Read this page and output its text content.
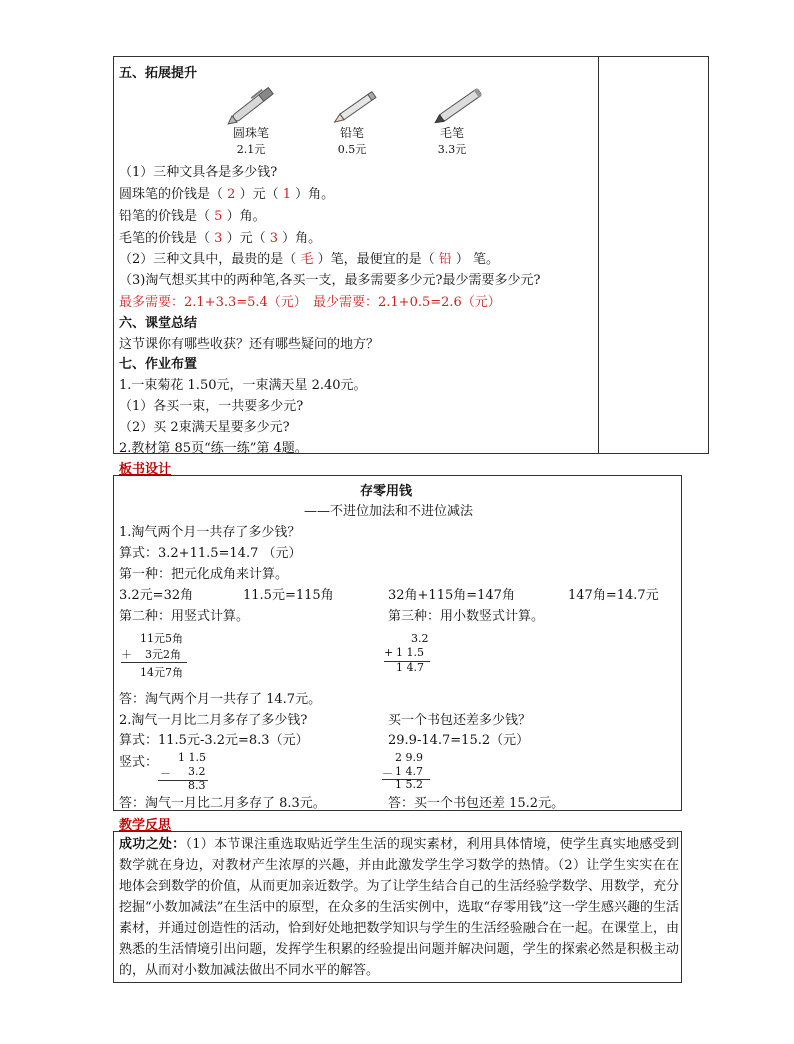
五、拓展提升
圆珠笔
2.1元
铅笔
0.5元
毛笔
3.3元
（1）三种文具各是多少钱?
圆珠笔的价钱是（ 2 ）元（ 1 ）角。
铅笔的价钱是（ 5 ）角。
毛笔的价钱是（ 3 ）元（ 3 ）角。
（2）三种文具中，最贵的是（ 毛 ）笔，最便宜的是（ 铅 ） 笔。
（3)淘气想买其中的两种笔,各买一支，最多需要多少元?最少需要多少元?
最多需要：2.1+3.3=5.4（元） 最少需要：2.1+0.5=2.6（元）
六、课堂总结
这节课你有哪些收获？还有哪些疑问的地方？
七、作业布置
1.一束菊花 1.50元，一束满天星 2.40元。
（1）各买一束，一共要多少元?
（2）买 2束满天星要多少元?
2.教材第 85页“练一练”第 4题。
板书设计
存零用钱
——不进位加法和不进位减法
1.淘气两个月一共存了多少钱？
算式：3.2+11.5=14.7 （元）
第一种：把元化成角来计算。
3.2元=32角	11.5元=115角	32角+115角=147角	147角=14.7元
第二种：用竖式计算。	第三种：用小数竖式计算。
11元5角
＋ 3元2角
14元7角
3.2
+ 1 1.5
1 4.7
答：淘气两个月一共存了 14.7元。
2.淘气一月比二月多存了多少钱?	买一个书包还差多少钱？
算式：11.5元-3.2元=8.3（元）	29.9-14.7=15.2（元）
竖式： 1 1.5
－ 3.2
8.3
2 9.9
－ 1 4.7
1 5.2
答：淘气一月比二月多存了 8.3元。	答：买一个书包还差 15.2元。
教学反思
成功之处：（1）本节课注重选取贴近学生生活的现实素材，利用具体情境，使学生真实地感受到数学就在身边，对教材产生浓厚的兴趣，并由此激发学生学习数学的热情。（2）让学生实实在在地体会到数学的价值，从而更加亲近数学。为了让学生结合自己的生活经验学数学、用数学，充分挖掘“小数加减法”在生活中的原型，在众多的生活实例中，选取“存零用钱”这一学生感兴趣的生活素材，并通过创造性的活动，恰到好处地把数学知识与学生的生活经验融合在一起。在课堂上，由熟悉的生活情境引出问题，发挥学生积累的经验提出问题并解决问题，学生的探索必然是积极主动的，从而对小数加减法做出不同水平的解答。
